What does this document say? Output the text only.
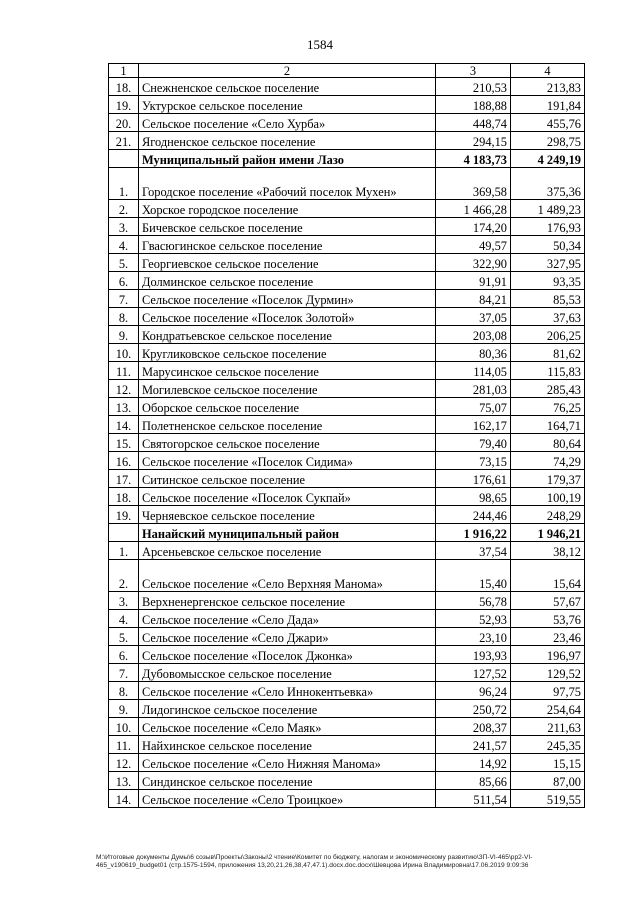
1584
1	2	3	4
18.	Снежненское сельское поселение	210,53	213,83
19.	Уктурское сельское поселение	188,88	191,84
20.	Сельское поселение «Село Хурба»	448,74	455,76
21.	Ягодненское сельское поселение	294,15	298,75
	Муниципальный район имени Лазо	4 183,73	4 249,19
1.	Городское поселение «Рабочий поселок Мухен»	369,58	375,36
2.	Хорское городское поселение	1 466,28	1 489,23
3.	Бичевское сельское поселение	174,20	176,93
4.	Гвасюгинское сельское поселение	49,57	50,34
5.	Георгиевское сельское поселение	322,90	327,95
6.	Долминское сельское поселение	91,91	93,35
7.	Сельское поселение «Поселок Дурмин»	84,21	85,53
8.	Сельское поселение «Поселок Золотой»	37,05	37,63
9.	Кондратьевское сельское поселение	203,08	206,25
10.	Кругликовское сельское поселение	80,36	81,62
11.	Марусинское сельское поселение	114,05	115,83
12.	Могилевское сельское поселение	281,03	285,43
13.	Оборское сельское поселение	75,07	76,25
14.	Полетненское сельское поселение	162,17	164,71
15.	Святогорское сельское поселение	79,40	80,64
16.	Сельское поселение «Поселок Сидима»	73,15	74,29
17.	Ситинское сельское поселение	176,61	179,37
18.	Сельское поселение «Поселок Сукпай»	98,65	100,19
19.	Черняевское сельское поселение	244,46	248,29
	Нанайский муниципальный район	1 916,22	1 946,21
1.	Арсеньевское сельское поселение	37,54	38,12
2.	Сельское поселение «Село Верхняя Манома»	15,40	15,64
3.	Верхненергенское сельское поселение	56,78	57,67
4.	Сельское поселение «Село Дада»	52,93	53,76
5.	Сельское поселение «Село Джари»	23,10	23,46
6.	Сельское поселение «Поселок Джонка»	193,93	196,97
7.	Дубовомысское сельское поселение	127,52	129,52
8.	Сельское поселение «Село Иннокентьевка»	96,24	97,75
9.	Лидогинское сельское поселение	250,72	254,64
10.	Сельское поселение «Село Маяк»	208,37	211,63
11.	Найхинское сельское поселение	241,57	245,35
12.	Сельское поселение «Село Нижняя Манома»	14,92	15,15
13.	Синдинское сельское поселение	85,66	87,00
14.	Сельское поселение «Село Троицкое»	511,54	519,55
M:\Итоговые документы Думы\6 созыв\Проекты\Законы\2 чтение\Комитет по бюджету, налогам и экономическому развитию\ЗП-VI-465\рр2-VI-465_v190619_budget01 (стр.1575-1594, приложения 13,20,21,26,38,47,47.1).docx.doc.docx\Шевцова Ирина Владимировна\17.06.2019 9:09:36
